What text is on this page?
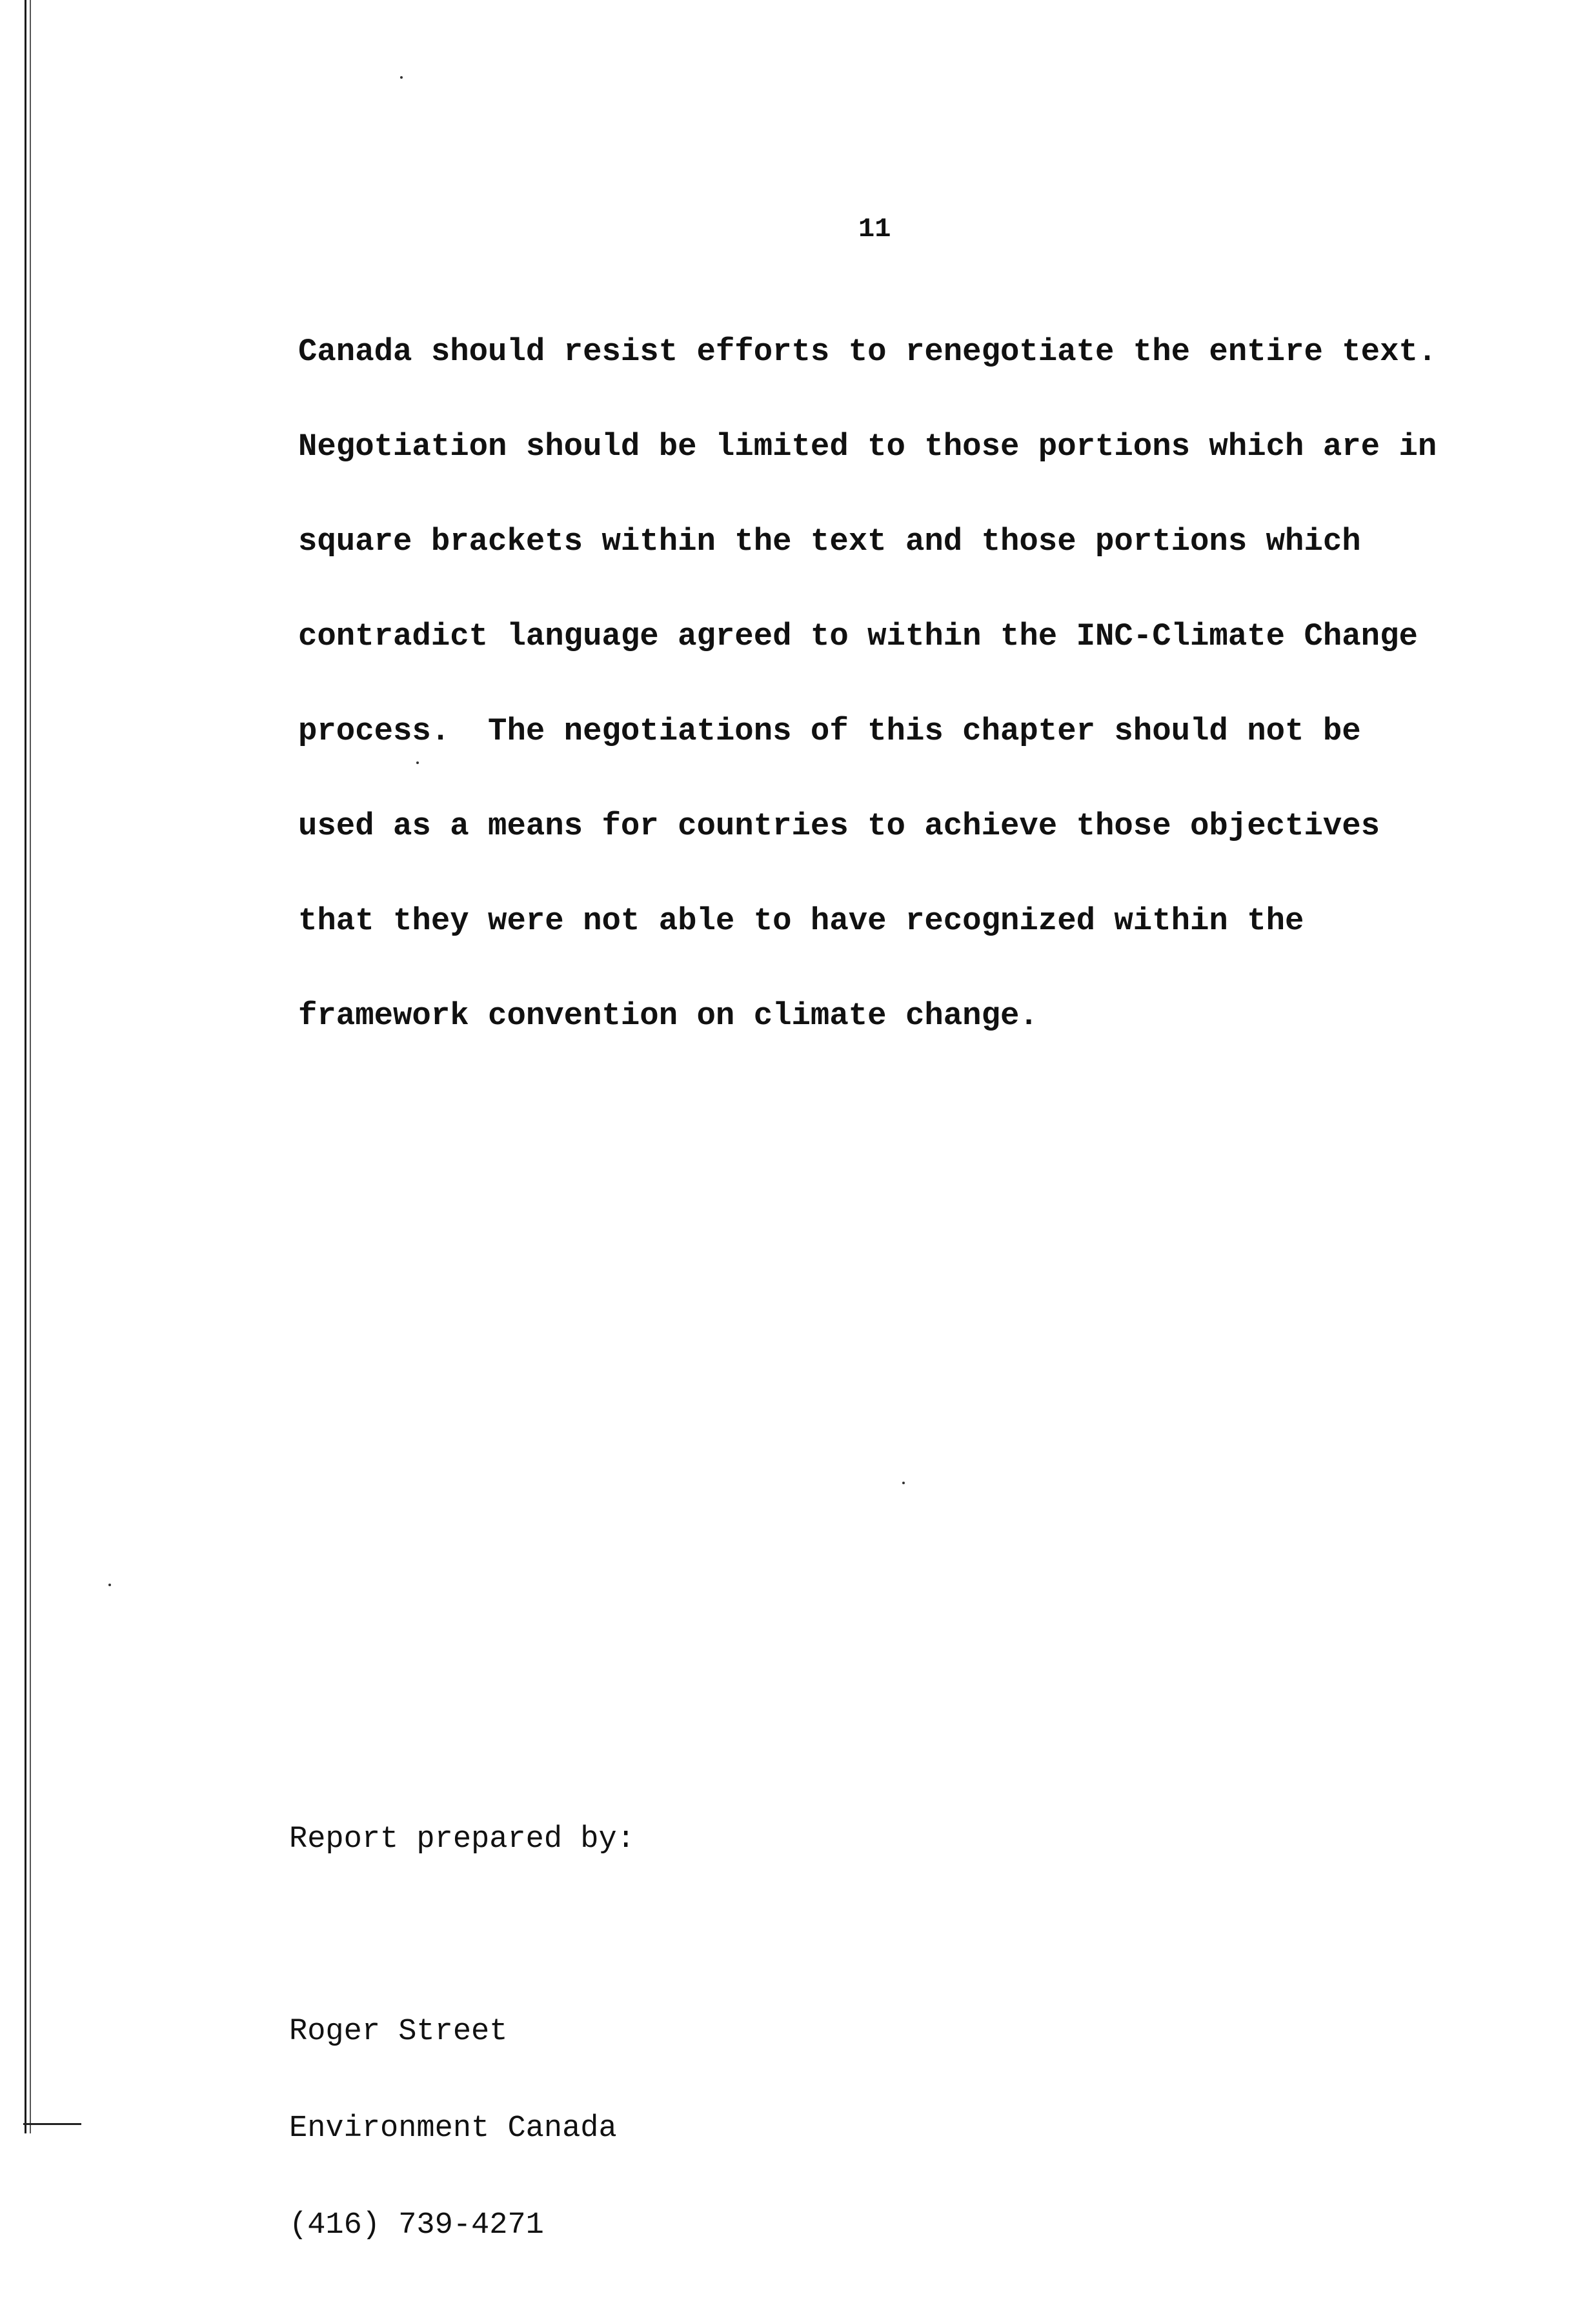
11

Canada should resist efforts to renegotiate the entire text.

Negotiation should be limited to those portions which are in

square brackets within the text and those portions which

contradict language agreed to within the INC-Climate Change

process.  The negotiations of this chapter should not be

used as a means for countries to achieve those objectives

that they were not able to have recognized within the

framework convention on climate change.

Report prepared by:

Roger Street

Environment Canada

(416) 739-4271
